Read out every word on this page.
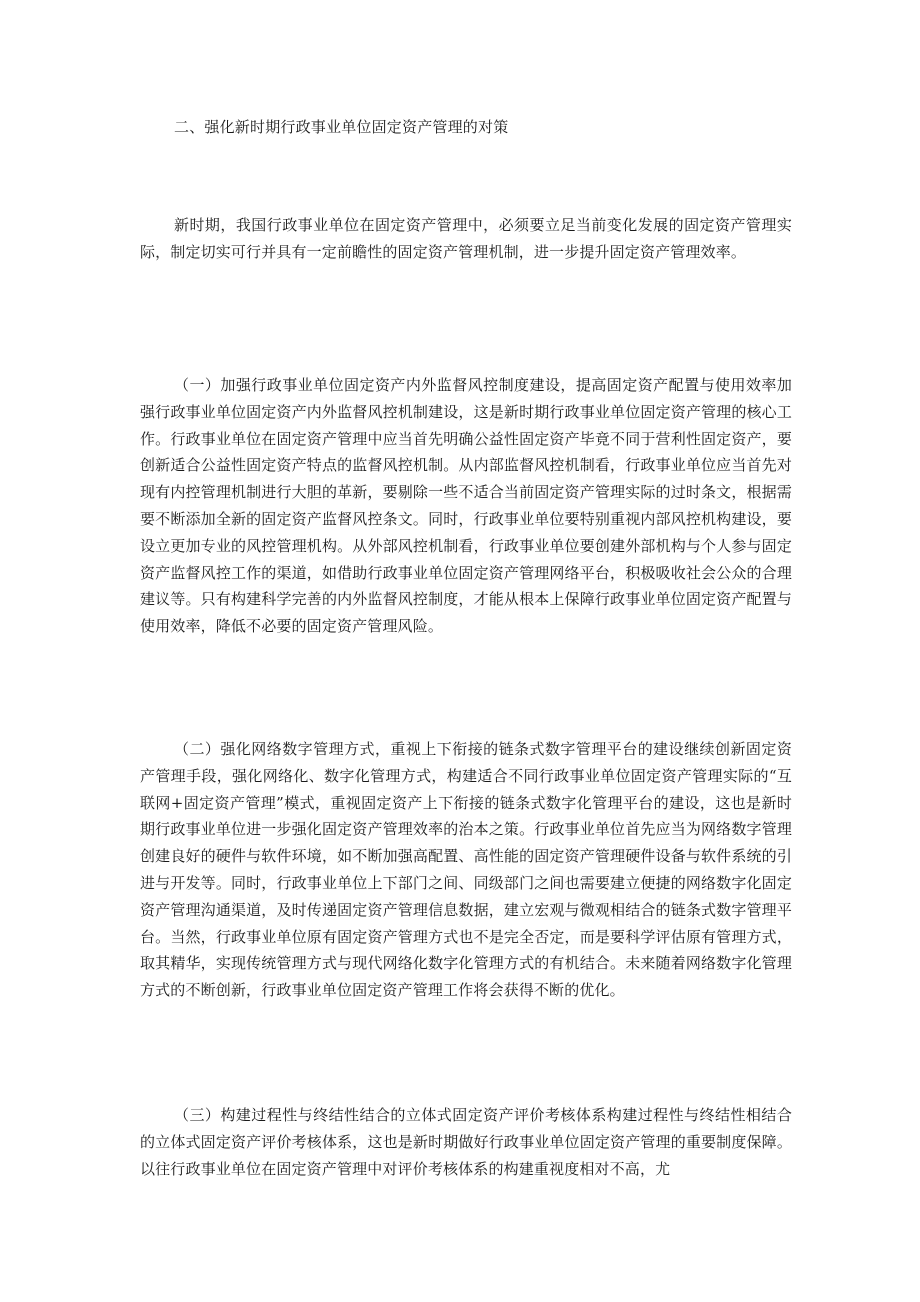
二、强化新时期行政事业单位固定资产管理的对策

新时期，我国行政事业单位在固定资产管理中，必须要立足当前变化发展的固定资产管理实际，制定切实可行并具有一定前瞻性的固定资产管理机制，进一步提升固定资产管理效率。

（一）加强行政事业单位固定资产内外监督风控制度建设，提高固定资产配置与使用效率加强行政事业单位固定资产内外监督风控机制建设，这是新时期行政事业单位固定资产管理的核心工作。行政事业单位在固定资产管理中应当首先明确公益性固定资产毕竟不同于营利性固定资产，要创新适合公益性固定资产特点的监督风控机制。从内部监督风控机制看，行政事业单位应当首先对现有内控管理机制进行大胆的革新，要剔除一些不适合当前固定资产管理实际的过时条文，根据需要不断添加全新的固定资产监督风控条文。同时，行政事业单位要特别重视内部风控机构建设，要设立更加专业的风控管理机构。从外部风控机制看，行政事业单位要创建外部机构与个人参与固定资产监督风控工作的渠道，如借助行政事业单位固定资产管理网络平台，积极吸收社会公众的合理建议等。只有构建科学完善的内外监督风控制度，才能从根本上保障行政事业单位固定资产配置与使用效率，降低不必要的固定资产管理风险。

（二）强化网络数字管理方式，重视上下衔接的链条式数字管理平台的建设继续创新固定资产管理手段，强化网络化、数字化管理方式，构建适合不同行政事业单位固定资产管理实际的“互联网+固定资产管理”模式，重视固定资产上下衔接的链条式数字化管理平台的建设，这也是新时期行政事业单位进一步强化固定资产管理效率的治本之策。行政事业单位首先应当为网络数字管理创建良好的硬件与软件环境，如不断加强高配置、高性能的固定资产管理硬件设备与软件系统的引进与开发等。同时，行政事业单位上下部门之间、同级部门之间也需要建立便捷的网络数字化固定资产管理沟通渠道，及时传递固定资产管理信息数据，建立宏观与微观相结合的链条式数字管理平台。当然，行政事业单位原有固定资产管理方式也不是完全否定，而是要科学评估原有管理方式，取其精华，实现传统管理方式与现代网络化数字化管理方式的有机结合。未来随着网络数字化管理方式的不断创新，行政事业单位固定资产管理工作将会获得不断的优化。

（三）构建过程性与终结性结合的立体式固定资产评价考核体系构建过程性与终结性相结合的立体式固定资产评价考核体系，这也是新时期做好行政事业单位固定资产管理的重要制度保障。以往行政事业单位在固定资产管理中对评价考核体系的构建重视度相对不高，尤
